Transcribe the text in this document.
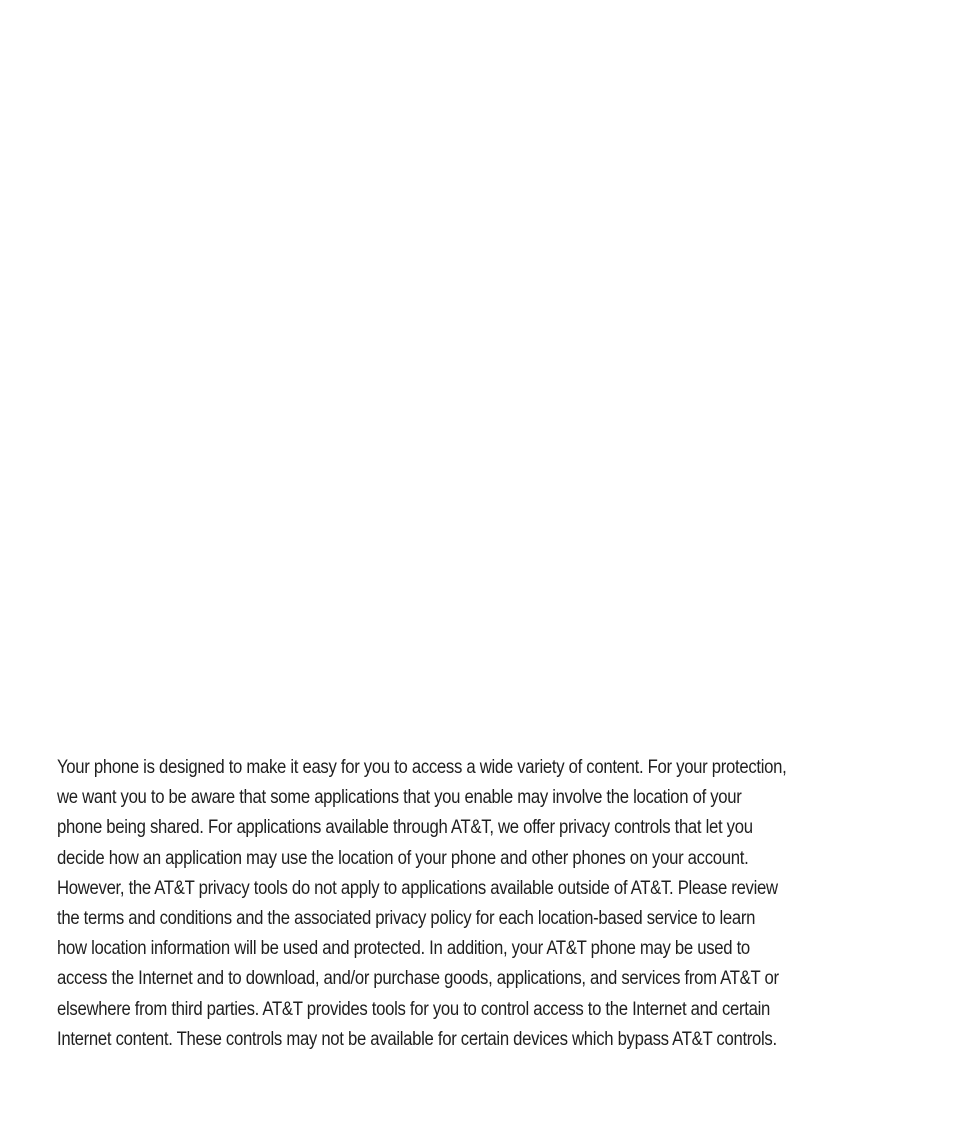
Your phone is designed to make it easy for you to access a wide variety of content. For your protection,
we want you to be aware that some applications that you enable may involve the location of your
phone being shared. For applications available through AT&T, we offer privacy controls that let you
decide how an application may use the location of your phone and other phones on your account.
However, the AT&T privacy tools do not apply to applications available outside of AT&T. Please review
the terms and conditions and the associated privacy policy for each location-based service to learn
how location information will be used and protected. In addition, your AT&T phone may be used to
access the Internet and to download, and/or purchase goods, applications, and services from AT&T or
elsewhere from third parties. AT&T provides tools for you to control access to the Internet and certain
Internet content. These controls may not be available for certain devices which bypass AT&T controls.
